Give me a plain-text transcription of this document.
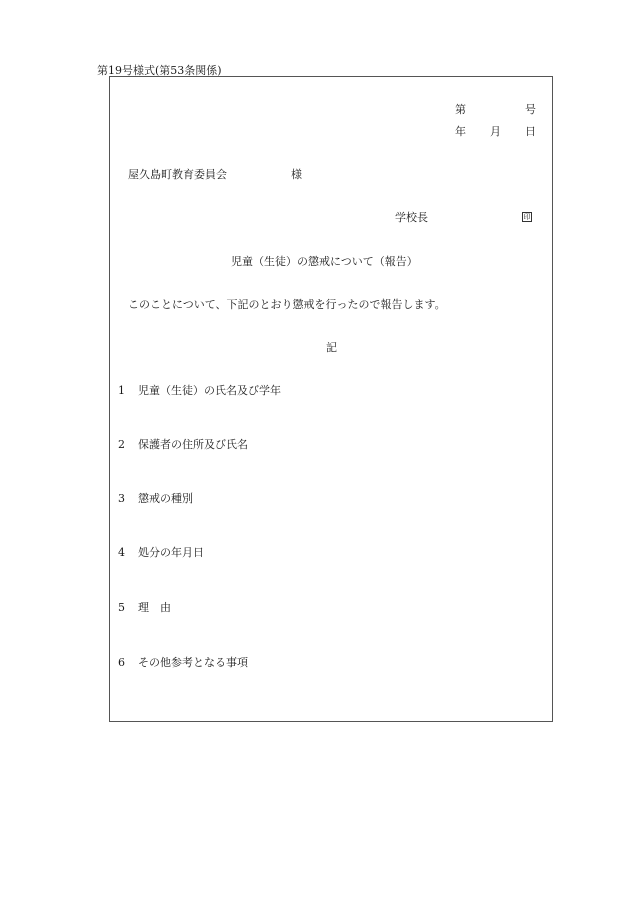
第19号様式(第53条関係)
第	号
年 月 日
屋久島町教育委員会	様
学校長	印
児童（生徒）の懲戒について（報告）
このことについて、下記のとおり懲戒を行ったので報告します。
記
1 児童（生徒）の氏名及び学年
2 保護者の住所及び氏名
3 懲戒の種別
4 処分の年月日
5 理　由
6 その他参考となる事項
